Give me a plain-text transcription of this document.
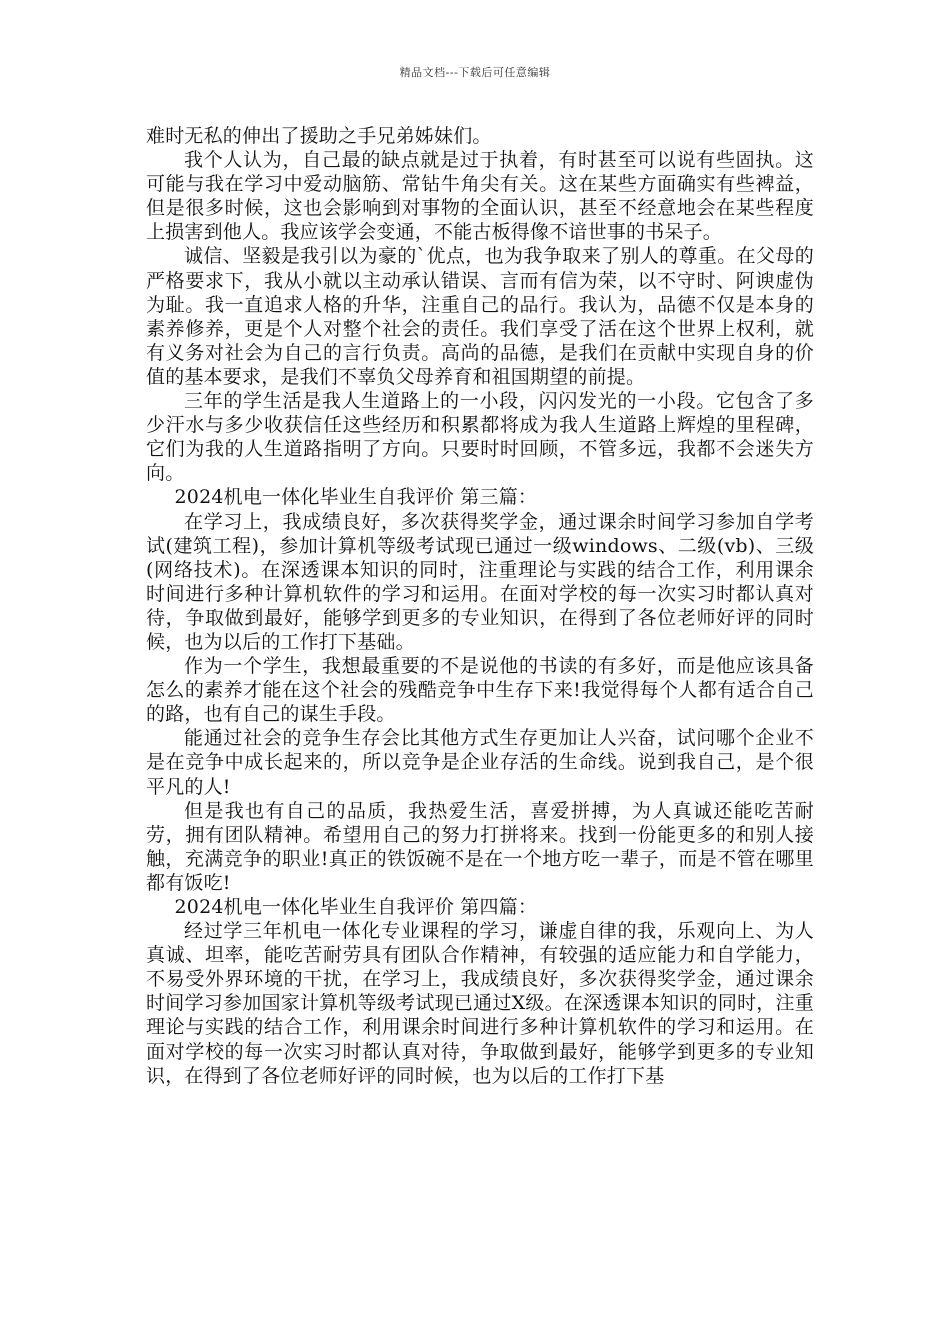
精品文档---下载后可任意编辑

难时无私的伸出了援助之手兄弟姊妹们。

我个人认为，自己最的缺点就是过于执着，有时甚至可以说有些固执。这可能与我在学习中爱动脑筋、常钻牛角尖有关。这在某些方面确实有些裨益，但是很多时候，这也会影响到对事物的全面认识，甚至不经意地会在某些程度上损害到他人。我应该学会变通，不能古板得像不谙世事的书呆子。

诚信、坚毅是我引以为豪的`优点，也为我争取来了别人的尊重。在父母的严格要求下，我从小就以主动承认错误、言而有信为荣，以不守时、阿谀虚伪为耻。我一直追求人格的升华，注重自己的品行。我认为，品德不仅是本身的素养修养，更是个人对整个社会的责任。我们享受了活在这个世界上权利，就有义务对社会为自己的言行负责。高尚的品德，是我们在贡献中实现自身的价值的基本要求，是我们不辜负父母养育和祖国期望的前提。

三年的学生活是我人生道路上的一小段，闪闪发光的一小段。它包含了多少汗水与多少收获信任这些经历和积累都将成为我人生道路上辉煌的里程碑，它们为我的人生道路指明了方向。只要时时回顾，不管多远，我都不会迷失方向。

2024机电一体化毕业生自我评价 第三篇：

在学习上，我成绩良好，多次获得奖学金，通过课余时间学习参加自学考试(建筑工程)，参加计算机等级考试现已通过一级windows、二级(vb)、三级(网络技术)。在深透课本知识的同时，注重理论与实践的结合工作，利用课余时间进行多种计算机软件的学习和运用。在面对学校的每一次实习时都认真对待，争取做到最好，能够学到更多的专业知识，在得到了各位老师好评的同时候，也为以后的工作打下基础。

作为一个学生，我想最重要的不是说他的书读的有多好，而是他应该具备怎么的素养才能在这个社会的残酷竞争中生存下来!我觉得每个人都有适合自己的路，也有自己的谋生手段。

能通过社会的竞争生存会比其他方式生存更加让人兴奋，试问哪个企业不是在竞争中成长起来的，所以竞争是企业存活的生命线。说到我自己，是个很平凡的人!

但是我也有自己的品质，我热爱生活，喜爱拼搏，为人真诚还能吃苦耐劳，拥有团队精神。希望用自己的努力打拼将来。找到一份能更多的和别人接触，充满竞争的职业!真正的铁饭碗不是在一个地方吃一辈子，而是不管在哪里都有饭吃!

2024机电一体化毕业生自我评价 第四篇：

经过学三年机电一体化专业课程的学习，谦虚自律的我，乐观向上、为人真诚、坦率，能吃苦耐劳具有团队合作精神，有较强的适应能力和自学能力，不易受外界环境的干扰，在学习上，我成绩良好，多次获得奖学金，通过课余时间学习参加国家计算机等级考试现已通过X级。在深透课本知识的同时，注重理论与实践的结合工作，利用课余时间进行多种计算机软件的学习和运用。在面对学校的每一次实习时都认真对待，争取做到最好，能够学到更多的专业知识，在得到了各位老师好评的同时候，也为以后的工作打下基
